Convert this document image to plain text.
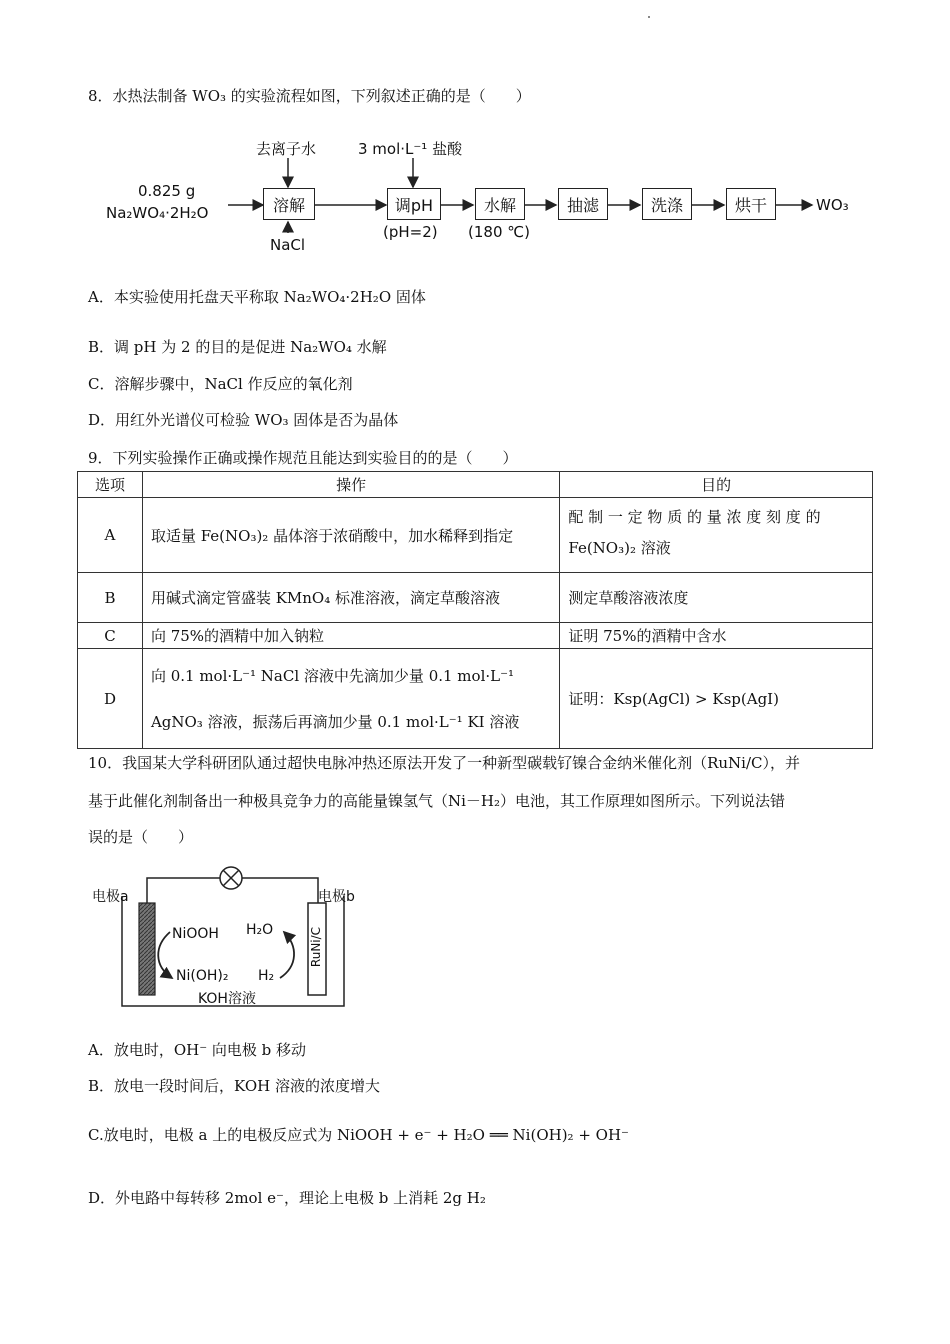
8．水热法制备 WO₃ 的实验流程如图，下列叙述正确的是（　　）
0.825 g
Na₂WO₄·2H₂O
去离子水	3 mol·L⁻¹ 盐酸
NaCl
溶解	调pH	水解	抽滤	洗涤	烘干
(pH=2) (180 ℃)
WO₃
A．本实验使用托盘天平称取 Na₂WO₄·2H₂O 固体
B．调 pH 为 2 的目的是促进 Na₂WO₄ 水解
C．溶解步骤中，NaCl 作反应的氧化剂
D．用红外光谱仪可检验 WO₃ 固体是否为晶体
9．下列实验操作正确或操作规范且能达到实验目的的是（　　）
选项	操作	目的
A	取适量 Fe(NO₃)₂ 晶体溶于浓硝酸中，加水稀释到指定	配 制 一 定 物 质 的 量 浓 度 刻 度 的
Fe(NO₃)₂ 溶液

B	用碱式滴定管盛装 KMnO₄ 标准溶液，滴定草酸溶液	测定草酸溶液浓度
C	向 75%的酒精中加入钠粒	证明 75%的酒精中含水
D	向 0.1 mol·L⁻¹ NaCl 溶液中先滴加少量 0.1 mol·L⁻¹
AgNO₃ 溶液，振荡后再滴加少量 0.1 mol·L⁻¹ KI 溶液	证明：Ksp(AgCl) > Ksp(AgI)
10．我国某大学科研团队通过超快电脉冲热还原法开发了一种新型碳载钌镍合金纳米催化剂（RuNi/C），并
基于此催化剂制备出一种极具竞争力的高能量镍氢气（Ni－H₂）电池，其工作原理如图所示。下列说法错
误的是（　　）
电极a	电极b
NiOOH
Ni(OH)₂
H₂O
H₂
RuNi/C
KOH溶液
A．放电时，OH⁻ 向电极 b 移动
B．放电一段时间后，KOH 溶液的浓度增大
C.放电时，电极 a 上的电极反应式为 NiOOH + e⁻ + H₂O ══ Ni(OH)₂ + OH⁻
D．外电路中每转移 2mol e⁻，理论上电极 b 上消耗 2g H₂
